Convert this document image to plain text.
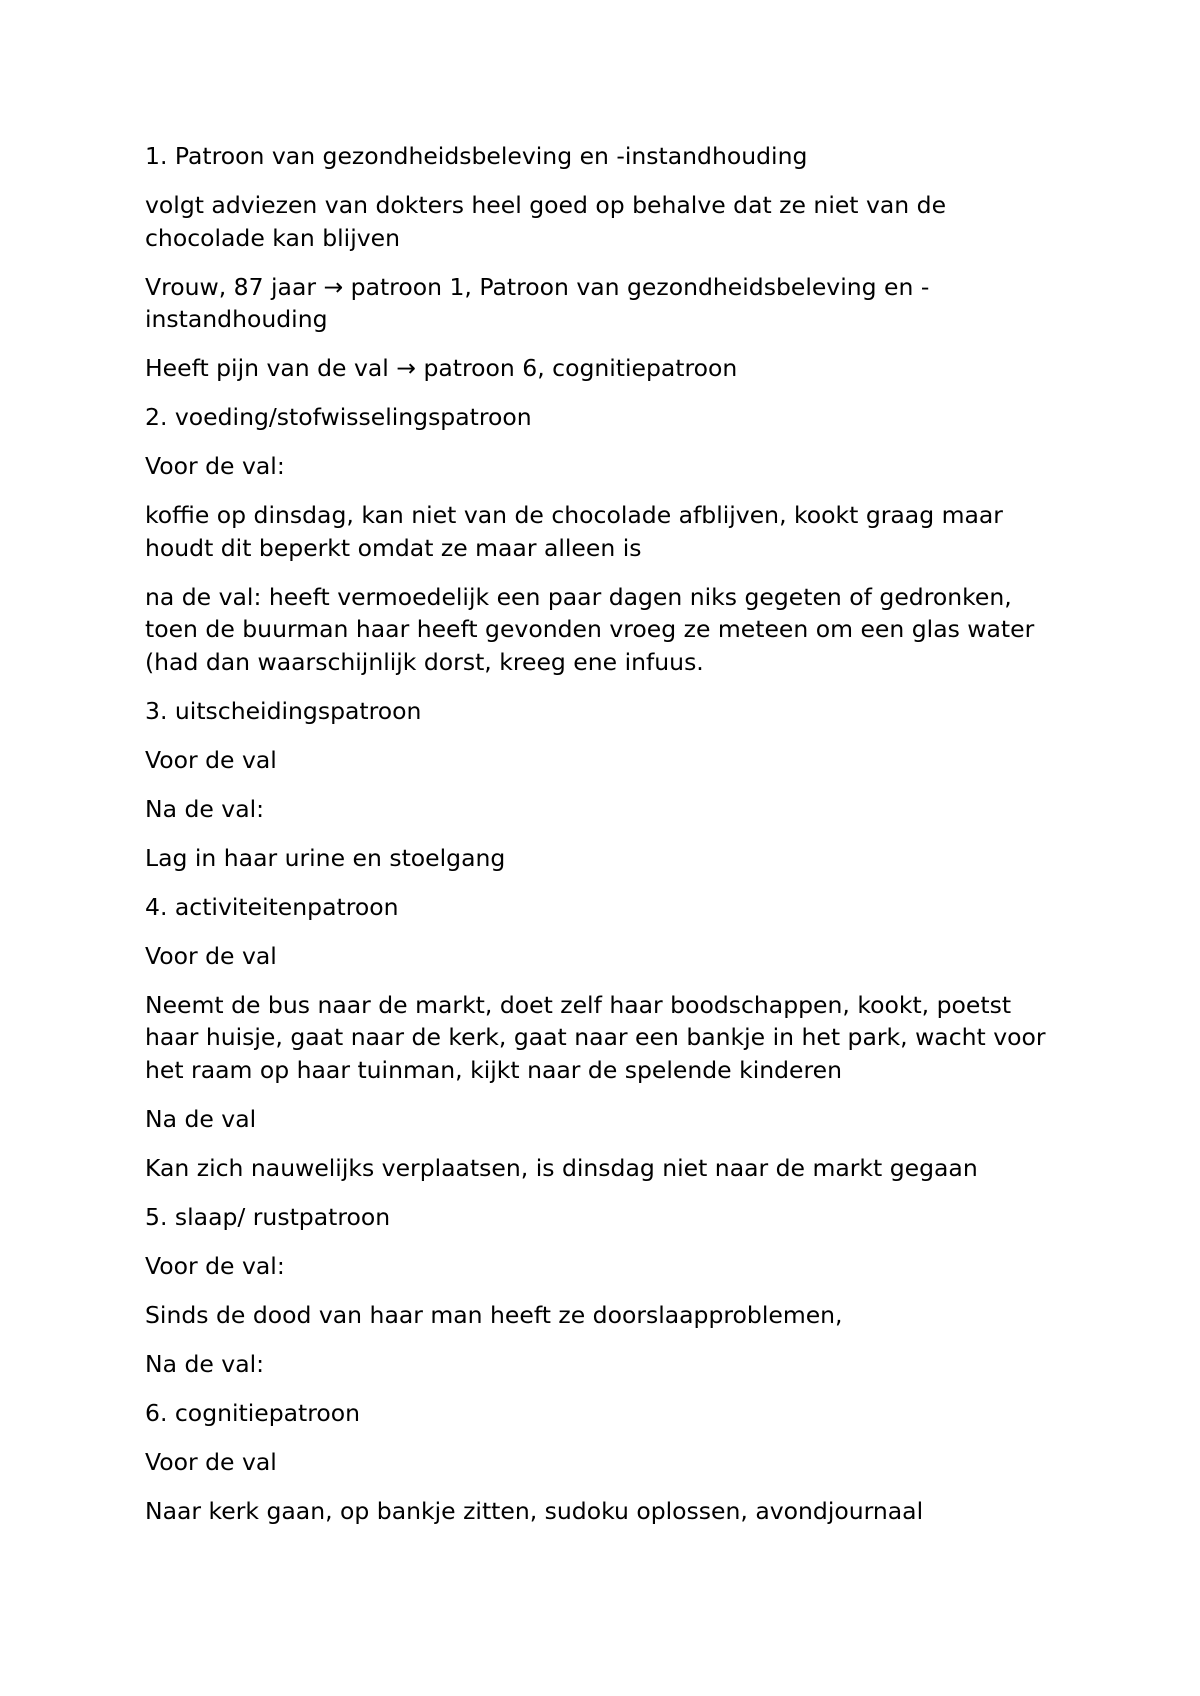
1. Patroon van gezondheidsbeleving en -instandhouding

volgt adviezen van dokters heel goed op behalve dat ze niet van de chocolade kan blijven

Vrouw, 87 jaar → patroon 1, Patroon van gezondheidsbeleving en -instandhouding

Heeft pijn van de val → patroon 6, cognitiepatroon

2. voeding/stofwisselingspatroon

Voor de val:

koffie op dinsdag, kan niet van de chocolade afblijven, kookt graag maar houdt dit beperkt omdat ze maar alleen is

na de val: heeft vermoedelijk een paar dagen niks gegeten of gedronken, toen de buurman haar heeft gevonden vroeg ze meteen om een glas water (had dan waarschijnlijk dorst, kreeg ene infuus.

3. uitscheidingspatroon

Voor de val

Na de val:

Lag in haar urine en stoelgang

4. activiteitenpatroon

Voor de val

Neemt de bus naar de markt, doet zelf haar boodschappen, kookt, poetst haar huisje, gaat naar de kerk, gaat naar een bankje in het park, wacht voor het raam op haar tuinman, kijkt naar de spelende kinderen

Na de val

Kan zich nauwelijks verplaatsen, is dinsdag niet naar de markt gegaan

5. slaap/ rustpatroon

Voor de val:

Sinds de dood van haar man heeft ze doorslaapproblemen,

Na de val:

6. cognitiepatroon

Voor de val

Naar kerk gaan, op bankje zitten, sudoku oplossen, avondjournaal
